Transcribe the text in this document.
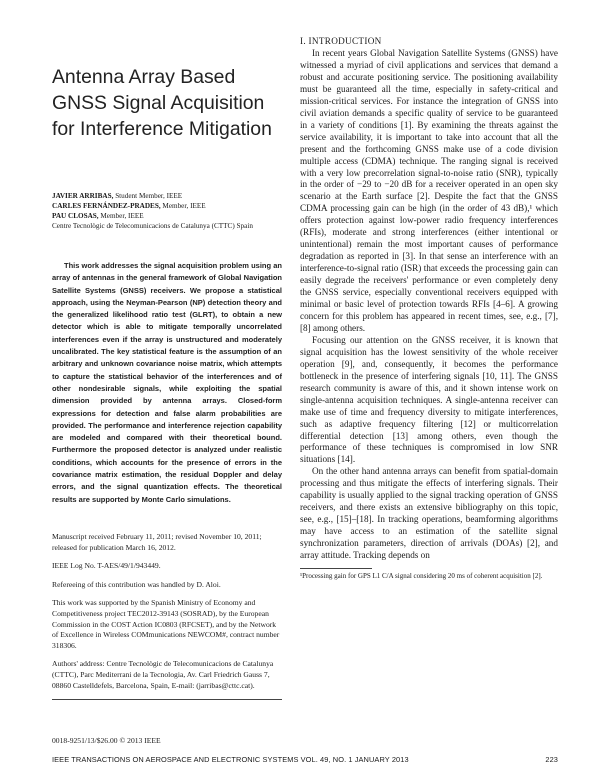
Antenna Array Based GNSS Signal Acquisition for Interference Mitigation
JAVIER ARRIBAS, Student Member, IEEE
CARLES FERNÁNDEZ-PRADES, Member, IEEE
PAU CLOSAS, Member, IEEE
Centre Tecnològic de Telecomunicacions de Catalunya (CTTC) Spain

This work addresses the signal acquisition problem using an array of antennas in the general framework of Global Navigation Satellite Systems (GNSS) receivers. We propose a statistical approach, using the Neyman-Pearson (NP) detection theory and the generalized likelihood ratio test (GLRT), to obtain a new detector which is able to mitigate temporally uncorrelated interferences even if the array is unstructured and moderately uncalibrated. The key statistical feature is the assumption of an arbitrary and unknown covariance noise matrix, which attempts to capture the statistical behavior of the interferences and of other nondesirable signals, while exploiting the spatial dimension provided by antenna arrays. Closed-form expressions for detection and false alarm probabilities are provided. The performance and interference rejection capability are modeled and compared with their theoretical bound. Furthermore the proposed detector is analyzed under realistic conditions, which accounts for the presence of errors in the covariance matrix estimation, the residual Doppler and delay errors, and the signal quantization effects. The theoretical results are supported by Monte Carlo simulations.

Manuscript received February 11, 2011; revised November 10, 2011; released for publication March 16, 2012.

IEEE Log No. T-AES/49/1/943449.

Refereeing of this contribution was handled by D. Aloi.

This work was supported by the Spanish Ministry of Economy and Competitiveness project TEC2012-39143 (SOSRAD), by the European Commission in the COST Action IC0803 (RFCSET), and by the Network of Excellence in Wireless COMmunications NEWCOM#, contract number 318306.

Authors' address: Centre Tecnològic de Telecomunicacions de Catalunya (CTTC), Parc Mediterrani de la Tecnologia, Av. Carl Friedrich Gauss 7, 08860 Castelldefels, Barcelona, Spain, E-mail: (jarribas@cttc.cat).

0018-9251/13/$26.00 © 2013 IEEE
I. INTRODUCTION

In recent years Global Navigation Satellite Systems (GNSS) have witnessed a myriad of civil applications and services that demand a robust and accurate positioning service. The positioning availability must be guaranteed all the time, especially in safety-critical and mission-critical services. For instance the integration of GNSS into civil aviation demands a specific quality of service to be guaranteed in a variety of conditions [1]. By examining the threats against the service availability, it is important to take into account that all the present and the forthcoming GNSS make use of a code division multiple access (CDMA) technique. The ranging signal is received with a very low precorrelation signal-to-noise ratio (SNR), typically in the order of −29 to −20 dB for a receiver operated in an open sky scenario at the Earth surface [2]. Despite the fact that the GNSS CDMA processing gain can be high (in the order of 43 dB),¹ which offers protection against low-power radio frequency interferences (RFIs), moderate and strong interferences (either intentional or unintentional) remain the most important causes of performance degradation as reported in [3]. In that sense an interference with an interference-to-signal ratio (ISR) that exceeds the processing gain can easily degrade the receivers' performance or even completely deny the GNSS service, especially conventional receivers equipped with minimal or basic level of protection towards RFIs [4–6]. A growing concern for this problem has appeared in recent times, see, e.g., [7], [8] among others.

Focusing our attention on the GNSS receiver, it is known that signal acquisition has the lowest sensitivity of the whole receiver operation [9], and, consequently, it becomes the performance bottleneck in the presence of interfering signals [10, 11]. The GNSS research community is aware of this, and it shown intense work on single-antenna acquisition techniques. A single-antenna receiver can make use of time and frequency diversity to mitigate interferences, such as adaptive frequency filtering [12] or multicorrelation differential detection [13] among others, even though the performance of these techniques is compromised in low SNR situations [14].

On the other hand antenna arrays can benefit from spatial-domain processing and thus mitigate the effects of interfering signals. Their capability is usually applied to the signal tracking operation of GNSS receivers, and there exists an extensive bibliography on this topic, see, e.g., [15]–[18]. In tracking operations, beamforming algorithms may have access to an estimation of the satellite signal synchronization parameters, direction of arrivals (DOAs) [2], and array attitude. Tracking depends on

¹Processing gain for GPS L1 C/A signal considering 20 ms of coherent acquisition [2].
IEEE TRANSACTIONS ON AEROSPACE AND ELECTRONIC SYSTEMS VOL. 49, NO. 1 JANUARY 2013	223
